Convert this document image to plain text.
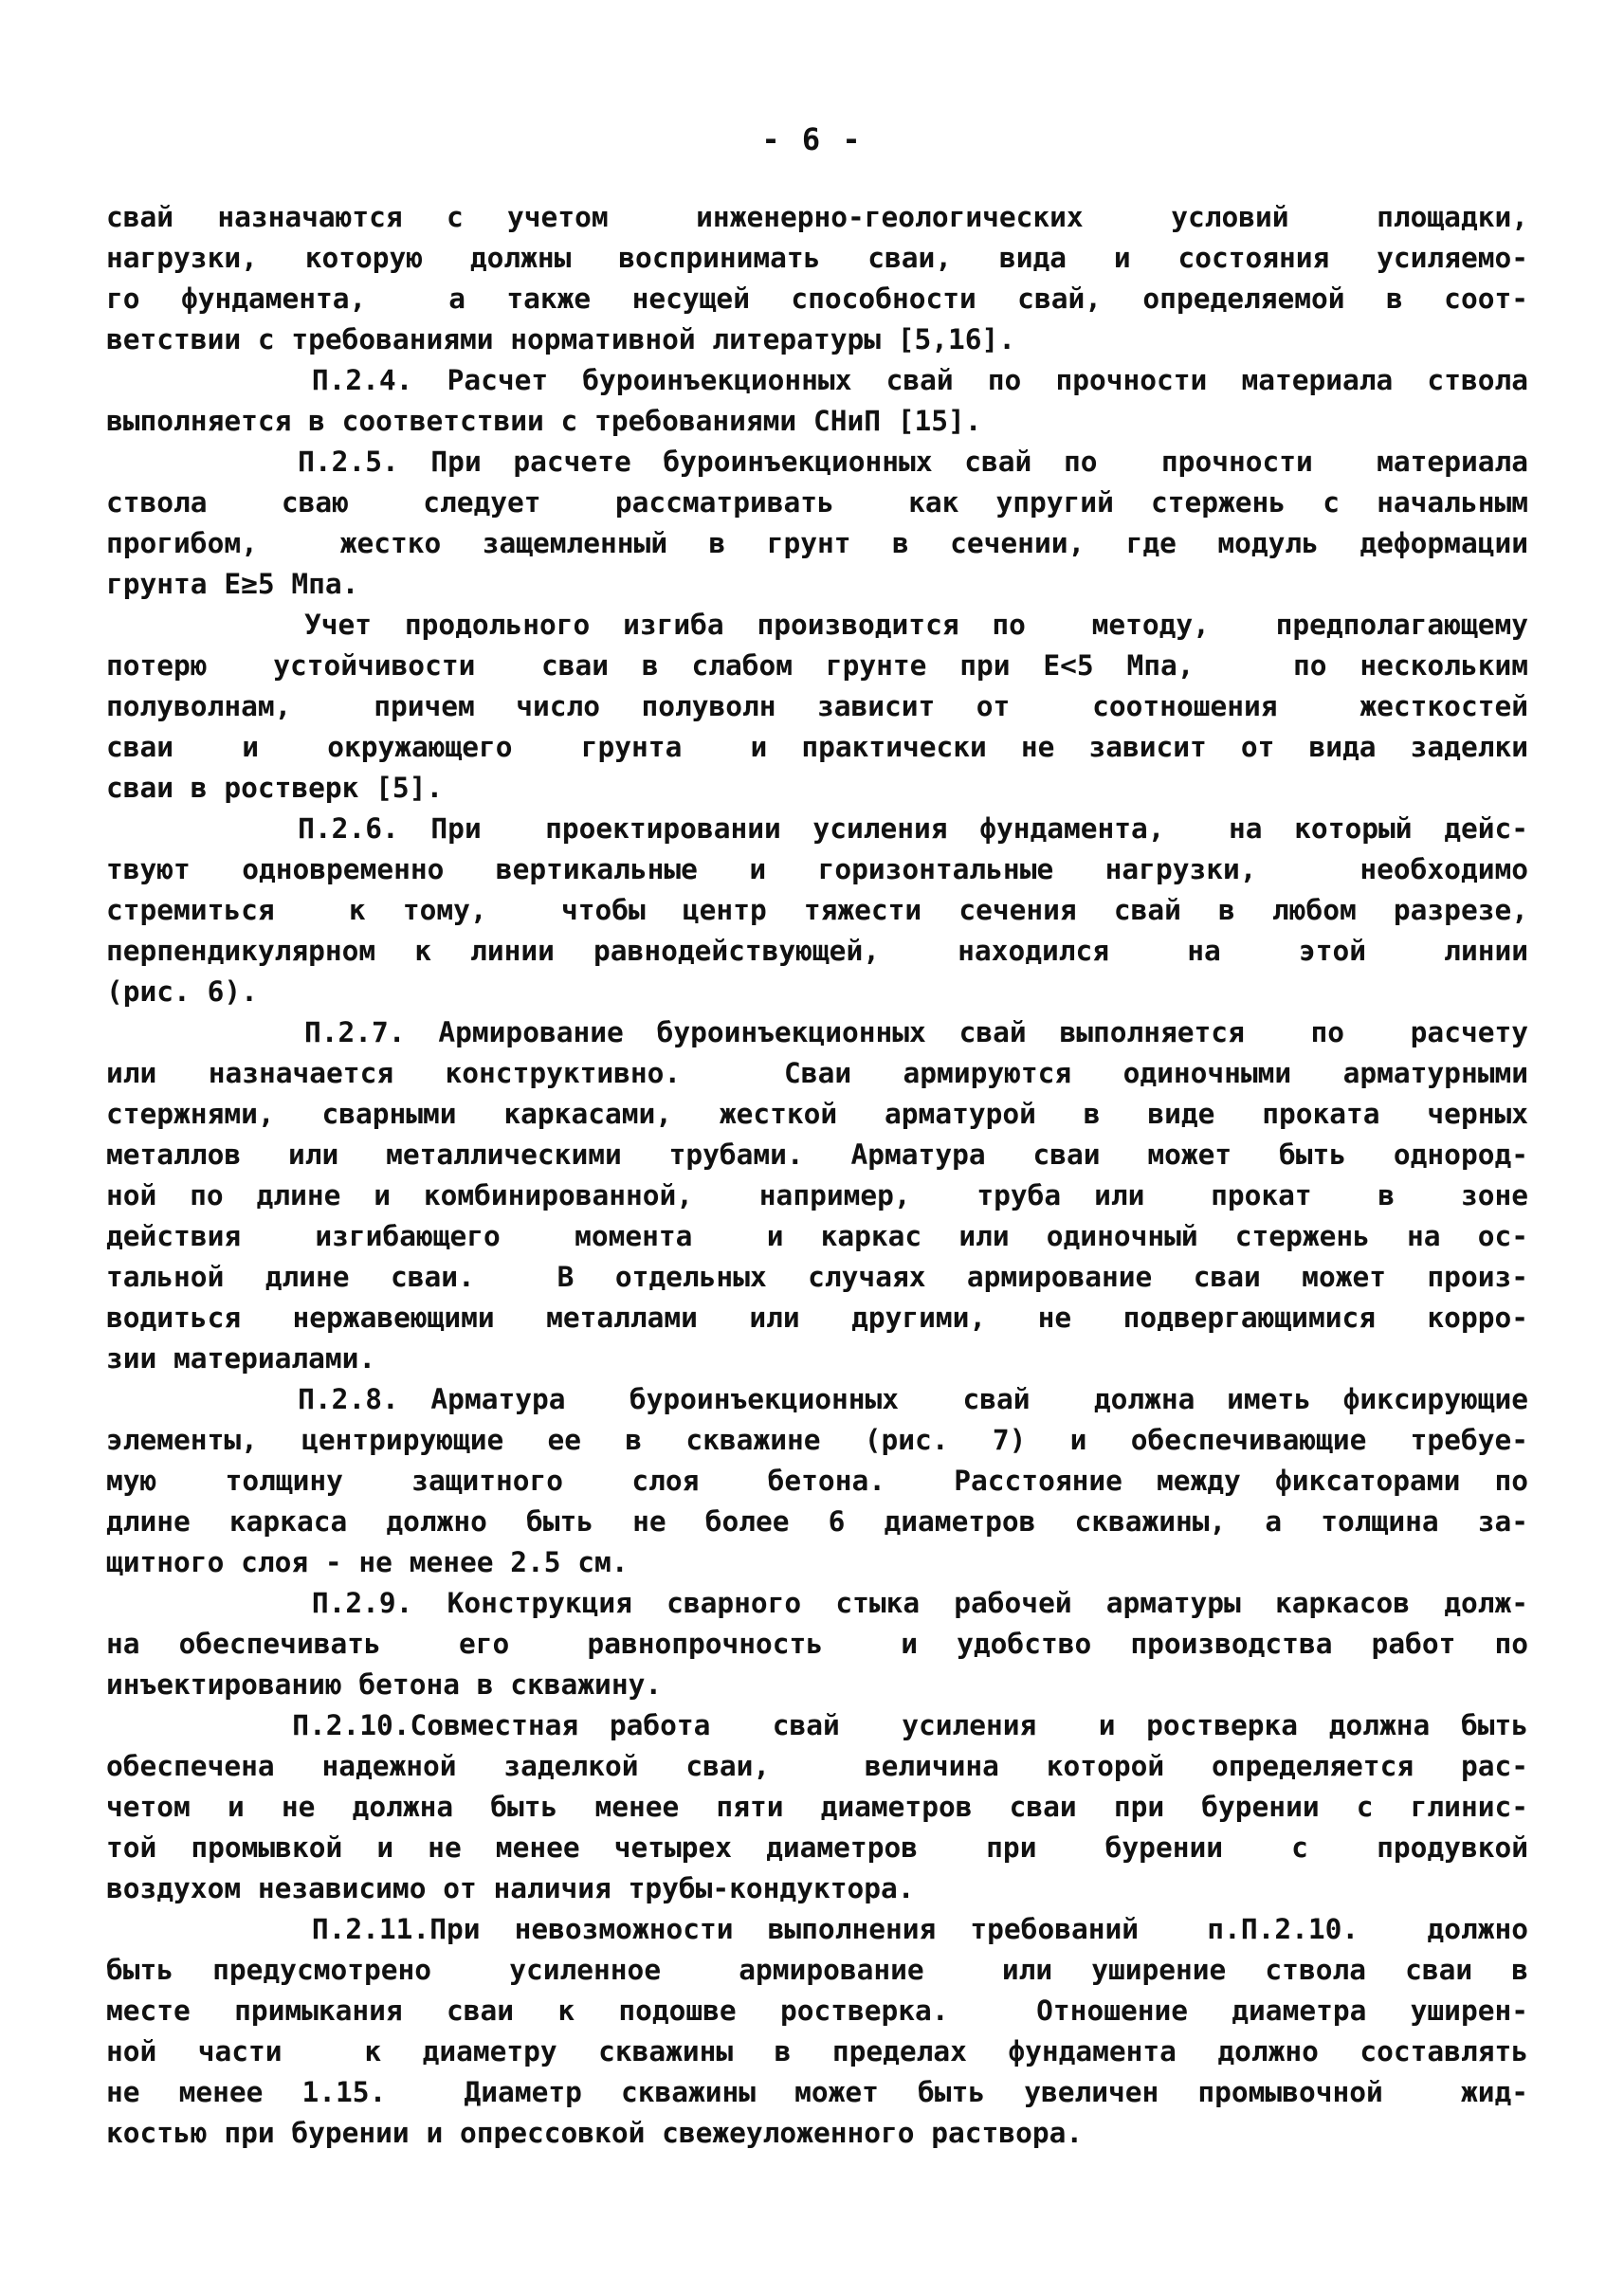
- 6 -
свай назначаются с учетом  инженерно-геологических  условий  площадки,
нагрузки, которую должны воспринимать сваи, вида и состояния усиляемо-
го фундамента,  а также несущей способности свай, определяемой в соот-
ветствии с требованиями нормативной литературы [5,16].
П.2.4. Расчет буроинъекционных свай по прочности материала ствола
выполняется в соответствии с требованиями СНиП [15].
П.2.5. При расчете буроинъекционных свай по  прочности  материала
ствола  сваю  следует  рассматривать  как упругий стержень с начальным
прогибом,  жестко защемленный в грунт в сечении, где модуль деформации
грунта E≥5 Мпа.
Учет продольного изгиба производится по  методу,  предполагающему
потерю  устойчивости  сваи в слабом грунте при E<5 Мпа,   по нескольким
полуволнам,  причем число полуволн зависит от  соотношения  жесткостей
сваи  и  окружающего  грунта  и практически не зависит от вида заделки
сваи в ростверк [5].
П.2.6. При  проектировании усиления фундамента,  на который дейс-
твуют одновременно вертикальные и горизонтальные нагрузки,  необходимо
стремиться  к тому,  чтобы центр тяжести сечения свай в любом разрезе,
перпендикулярном к линии равнодействующей,  находился  на  этой  линии
(рис. 6).
П.2.7. Армирование буроинъекционных свай выполняется  по  расчету
или назначается конструктивно.  Сваи армируются одиночными арматурными
стержнями, сварными каркасами, жесткой арматурой в виде проката черных
металлов или металлическими трубами. Арматура сваи может быть однород-
ной по длине и комбинированной,  например,  труба или  прокат  в  зоне
действия  изгибающего  момента  и каркас или одиночный стержень на ос-
тальной длине сваи.  В отдельных случаях армирование сваи может произ-
водиться нержавеющими металлами или другими, не подвергающимися корро-
зии материалами.
П.2.8. Арматура  буроинъекционных  свай  должна иметь фиксирующие
элементы, центрирующие ее в скважине (рис. 7) и обеспечивающие требуе-
мую  толщину  защитного  слоя  бетона.  Расстояние между фиксаторами по
длине каркаса должно быть не более 6 диаметров скважины, а толщина за-
щитного слоя - не менее 2.5 см.
П.2.9. Конструкция сварного стыка рабочей арматуры каркасов долж-
на обеспечивать  его  равнопрочность  и удобство производства работ по
инъектированию бетона в скважину.
П.2.10.Совместная работа  свай  усиления  и ростверка должна быть
обеспечена надежной заделкой сваи,  величина которой определяется рас-
четом и не должна быть менее пяти диаметров сваи при бурении с глинис-
той промывкой и не менее четырех диаметров  при  бурении  с  продувкой
воздухом независимо от наличия трубы-кондуктора.
П.2.11.При невозможности выполнения требований  п.П.2.10.  должно
быть предусмотрено  усиленное  армирование  или уширение ствола сваи в
месте примыкания сваи к подошве ростверка.  Отношение диаметра уширен-
ной части  к диаметру скважины в пределах фундамента должно составлять
не менее 1.15.  Диаметр скважины может быть увеличен промывочной  жид-
костью при бурении и опрессовкой свежеуложенного раствора.
